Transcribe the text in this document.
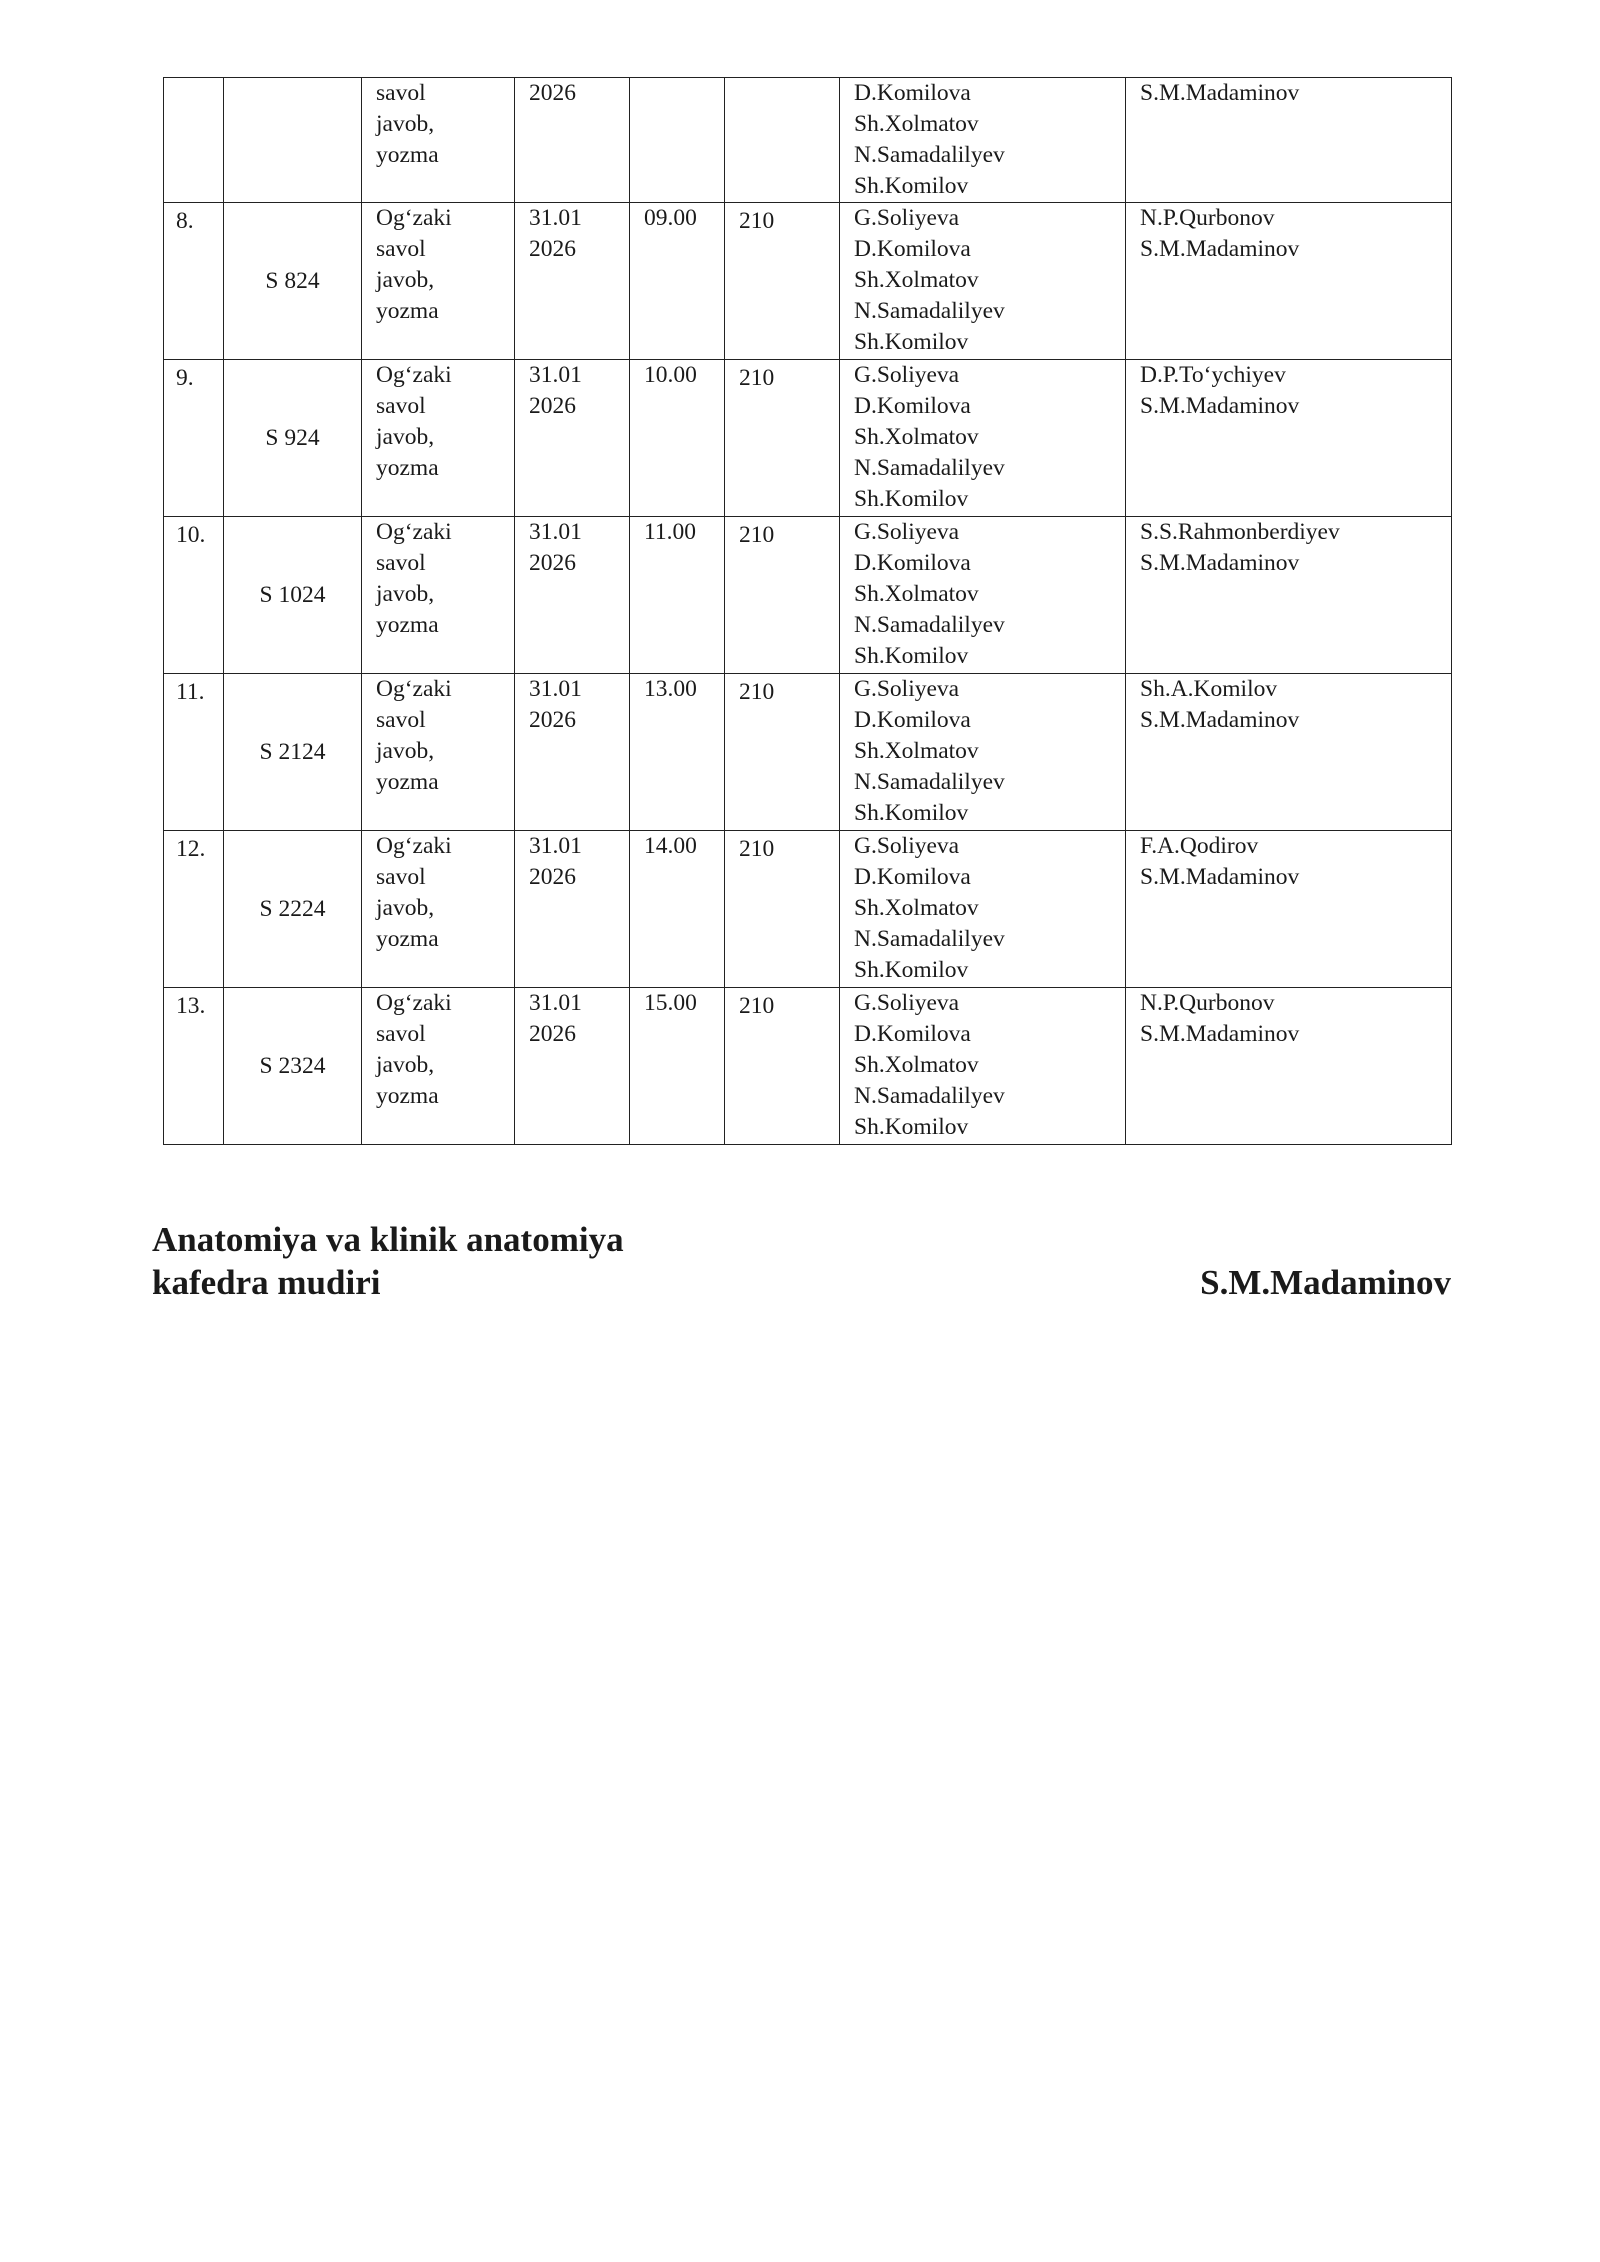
		savol
javob,
yozma	2026			D.Komilova
Sh.Xolmatov
N.Samadalilyev
Sh.Komilov	S.M.Madaminov

8.	S 824	Og‘zaki
savol
javob,
yozma	31.01
2026	09.00	210	G.Soliyeva
D.Komilova
Sh.Xolmatov
N.Samadalilyev
Sh.Komilov	N.P.Qurbonov
S.M.Madaminov

9.	S 924	Og‘zaki
savol
javob,
yozma	31.01
2026	10.00	210	G.Soliyeva
D.Komilova
Sh.Xolmatov
N.Samadalilyev
Sh.Komilov	D.P.To‘ychiyev
S.M.Madaminov

10.	S 1024	Og‘zaki
savol
javob,
yozma	31.01
2026	11.00	210	G.Soliyeva
D.Komilova
Sh.Xolmatov
N.Samadalilyev
Sh.Komilov	S.S.Rahmonberdiyev
S.M.Madaminov

11.	S 2124	Og‘zaki
savol
javob,
yozma	31.01
2026	13.00	210	G.Soliyeva
D.Komilova
Sh.Xolmatov
N.Samadalilyev
Sh.Komilov	Sh.A.Komilov
S.M.Madaminov

12.	S 2224	Og‘zaki
savol
javob,
yozma	31.01
2026	14.00	210	G.Soliyeva
D.Komilova
Sh.Xolmatov
N.Samadalilyev
Sh.Komilov	F.A.Qodirov
S.M.Madaminov

13.	S 2324	Og‘zaki
savol
javob,
yozma	31.01
2026	15.00	210	G.Soliyeva
D.Komilova
Sh.Xolmatov
N.Samadalilyev
Sh.Komilov	N.P.Qurbonov
S.M.Madaminov
Anatomiya va klinik anatomiya
kafedra mudiri	S.M.Madaminov
